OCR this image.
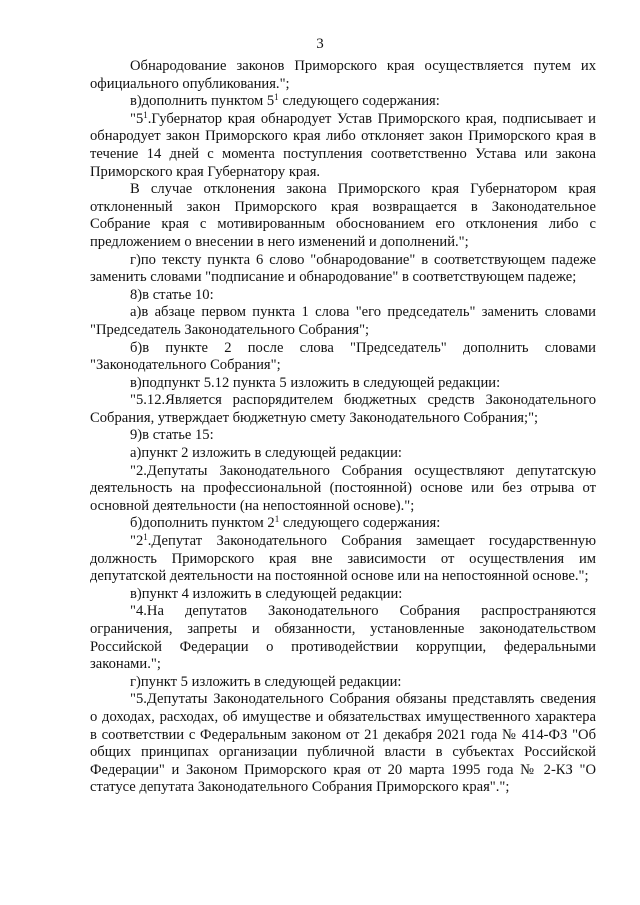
3

Обнародование законов Приморского края осуществляется путем их официального опубликования.";

в)дополнить пунктом $5^1$ следующего содержания:

"$5^1.Губернатор$ края обнародует Устав Приморского края, подписывает и обнародует закон Приморского края либо отклоняет закон Приморского края в течение 14 дней с момента поступления соответственно Устава или закона Приморского края Губернатору края.

В случае отклонения закона Приморского края Губернатором края отклоненный закон Приморского края возвращается в Законодательное Собрание края с мотивированным обоснованием его отклонения либо с предложением о внесении в него изменений и дополнений.";

г)по тексту пункта 6 слово "обнародование" в соответствующем падеже заменить словами "подписание и обнародование" в соответствующем падеже;

8)в статье 10:

а)в абзаце первом пункта 1 слова "его председатель" заменить словами "Председатель Законодательного Собрания";

б)в пункте 2 после слова "Председатель" дополнить словами "Законодательного Собрания";

в)подпункт 5.12 пункта 5 изложить в следующей редакции:

"5.12.Является распорядителем бюджетных средств Законодательного Собрания, утверждает бюджетную смету Законодательного Собрания;";

9)в статье 15:

а)пункт 2 изложить в следующей редакции:

"2.Депутаты Законодательного Собрания осуществляют депутатскую деятельность на профессиональной (постоянной) основе или без отрыва от основной деятельности (на непостоянной основе).";

б)дополнить пунктом $2^1$ следующего содержания:

"$2^1.Депутат$ Законодательного Собрания замещает государственную должность Приморского края вне зависимости от осуществления им депутатской деятельности на постоянной основе или на непостоянной основе.";

в)пункт 4 изложить в следующей редакции:

"4.На депутатов Законодательного Собрания распространяются ограничения, запреты и обязанности, установленные законодательством Российской Федерации о противодействии коррупции, федеральными законами.";

г)пункт 5 изложить в следующей редакции:

"5.Депутаты Законодательного Собрания обязаны представлять сведения о доходах, расходах, об имуществе и обязательствах имущественного характера в соответствии с Федеральным законом от 21 декабря 2021 года № 414-ФЗ "Об общих принципах организации публичной власти в субъектах Российской Федерации" и Законом Приморского края от 20 марта 1995 года № 2-КЗ "О статусе депутата Законодательного Собрания Приморского края".";
